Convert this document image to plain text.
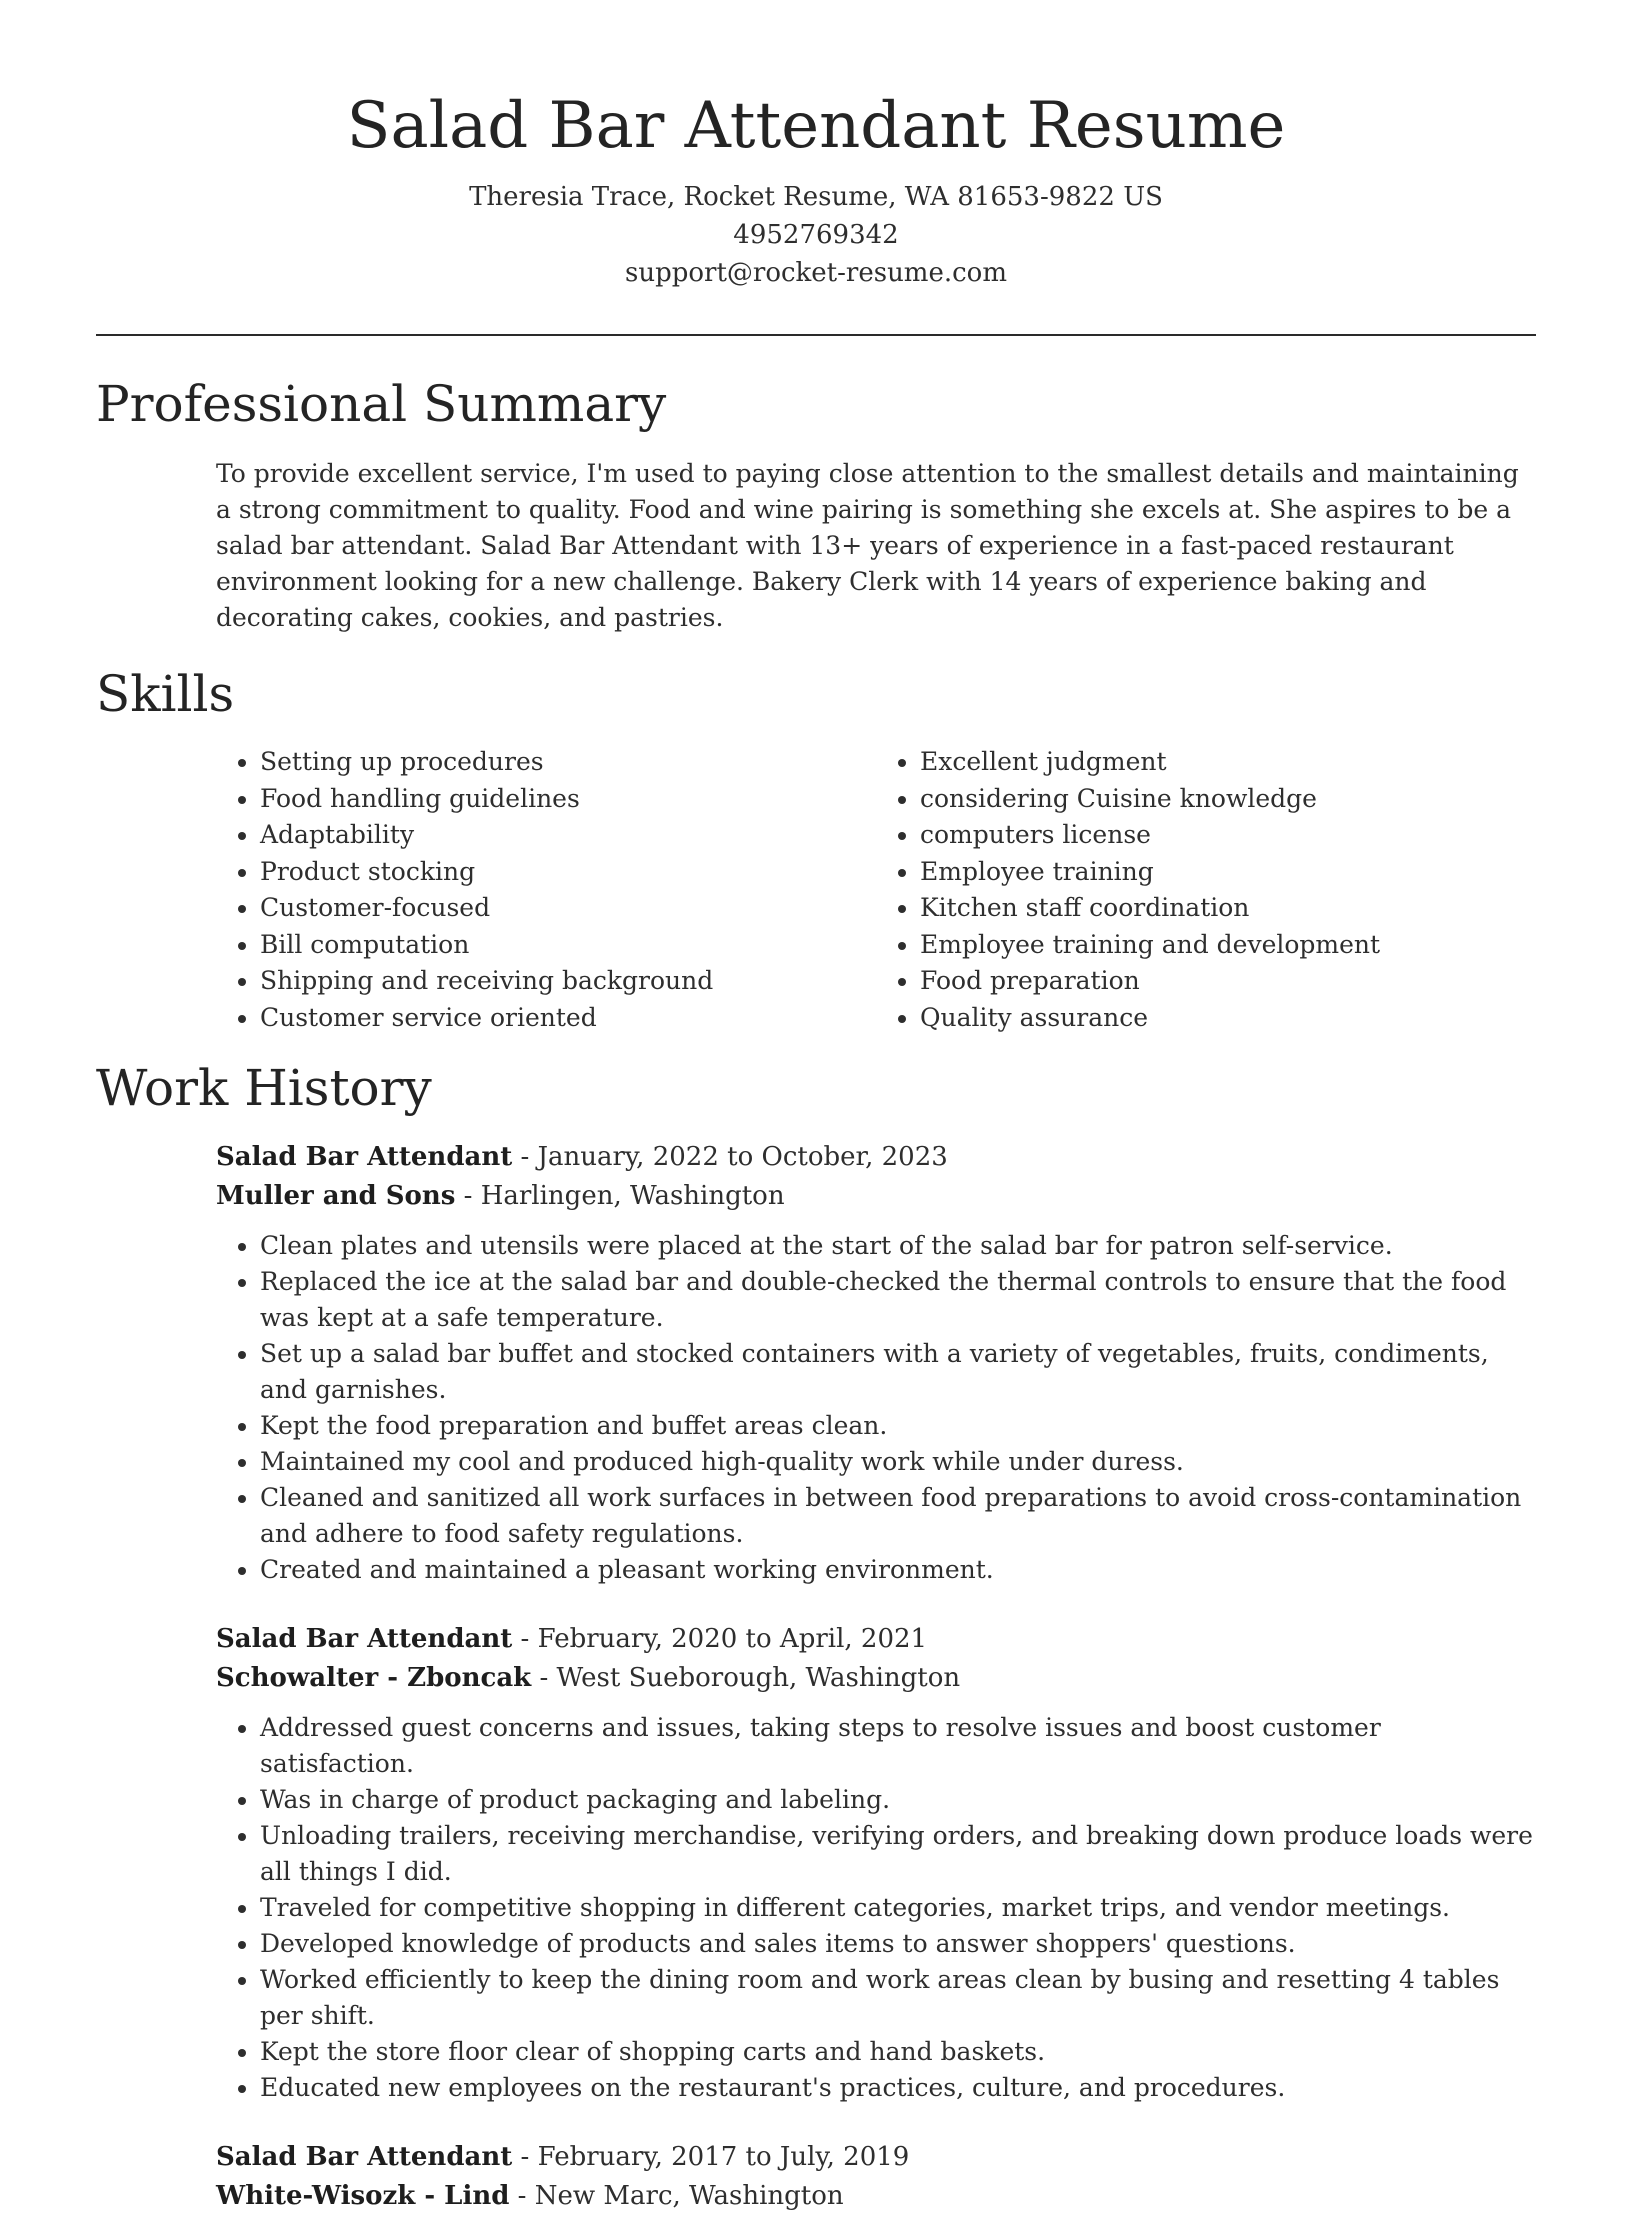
Salad Bar Attendant Resume
Theresia Trace, Rocket Resume, WA 81653-9822 US
4952769342
support@rocket-resume.com
Professional Summary

To provide excellent service, I'm used to paying close attention to the smallest details and maintaining a strong commitment to quality. Food and wine pairing is something she excels at. She aspires to be a salad bar attendant. Salad Bar Attendant with 13+ years of experience in a fast-paced restaurant environment looking for a new challenge. Bakery Clerk with 14 years of experience baking and decorating cakes, cookies, and pastries.

Skills
• Setting up procedures
• Food handling guidelines
• Adaptability
• Product stocking
• Customer-focused
• Bill computation
• Shipping and receiving background
• Customer service oriented
• Excellent judgment
• considering Cuisine knowledge
• computers license
• Employee training
• Kitchen staff coordination
• Employee training and development
• Food preparation
• Quality assurance
Work History
Salad Bar Attendant - January, 2022 to October, 2023
Muller and Sons - Harlingen, Washington
• Clean plates and utensils were placed at the start of the salad bar for patron self-service.
• Replaced the ice at the salad bar and double-checked the thermal controls to ensure that the food was kept at a safe temperature.
• Set up a salad bar buffet and stocked containers with a variety of vegetables, fruits, condiments, and garnishes.
• Kept the food preparation and buffet areas clean.
• Maintained my cool and produced high-quality work while under duress.
• Cleaned and sanitized all work surfaces in between food preparations to avoid cross-contamination and adhere to food safety regulations.
• Created and maintained a pleasant working environment.
Salad Bar Attendant - February, 2020 to April, 2021
Schowalter - Zboncak - West Sueborough, Washington
• Addressed guest concerns and issues, taking steps to resolve issues and boost customer satisfaction.
• Was in charge of product packaging and labeling.
• Unloading trailers, receiving merchandise, verifying orders, and breaking down produce loads were all things I did.
• Traveled for competitive shopping in different categories, market trips, and vendor meetings.
• Developed knowledge of products and sales items to answer shoppers' questions.
• Worked efficiently to keep the dining room and work areas clean by busing and resetting 4 tables per shift.
• Kept the store floor clear of shopping carts and hand baskets.
• Educated new employees on the restaurant's practices, culture, and procedures.
Salad Bar Attendant - February, 2017 to July, 2019
White-Wisozk - Lind - New Marc, Washington
